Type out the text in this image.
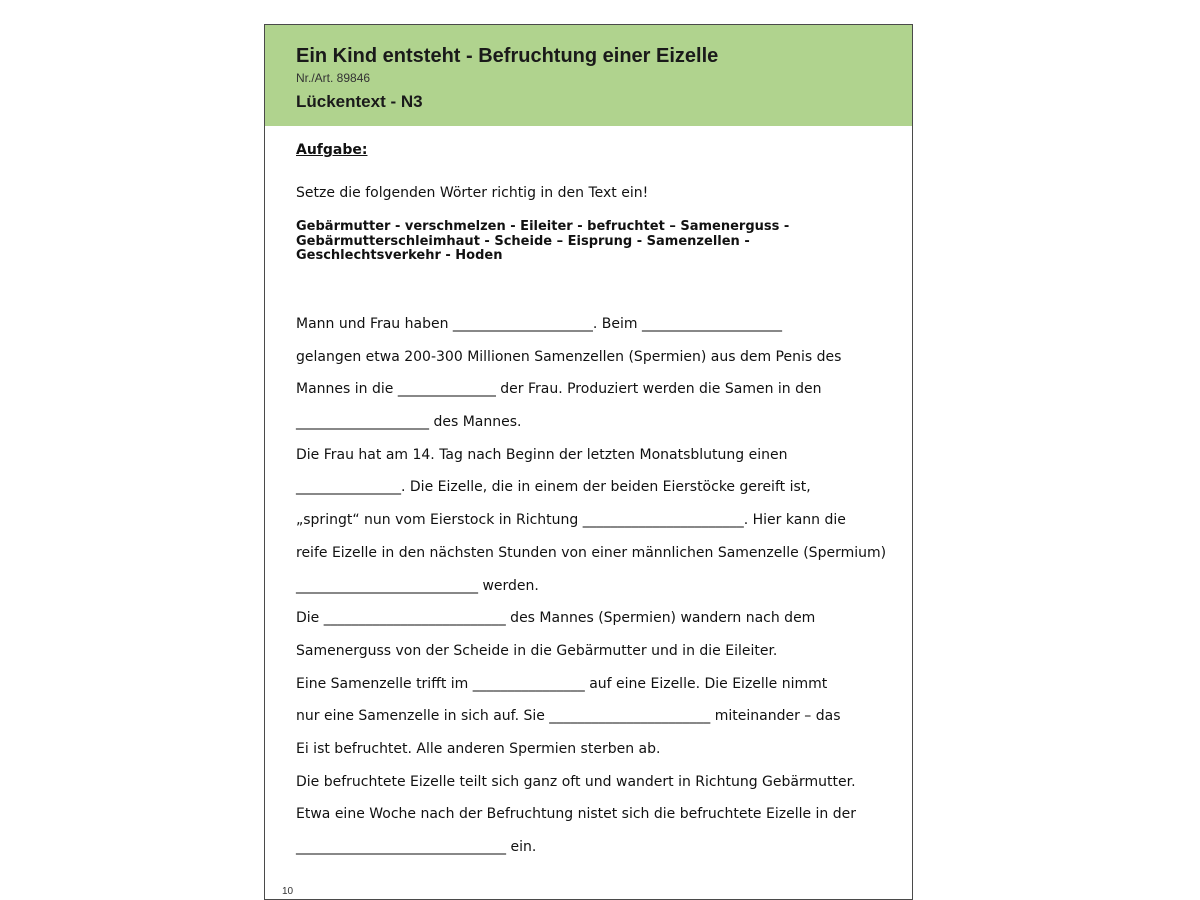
Ein Kind entsteht - Befruchtung einer Eizelle
Nr./Art. 89846
Lückentext - N3
Aufgabe:
Setze die folgenden Wörter richtig in den Text ein!
Gebärmutter - verschmelzen - Eileiter - befruchtet – Samenerguss -
Gebärmutterschleimhaut - Scheide – Eisprung - Samenzellen -
Geschlechtsverkehr - Hoden
Mann und Frau haben ____________________. Beim ____________________
gelangen etwa 200-300 Millionen Samenzellen (Spermien) aus dem Penis des
Mannes in die ______________ der Frau. Produziert werden die Samen in den
___________________ des Mannes.
Die Frau hat am 14. Tag nach Beginn der letzten Monatsblutung einen
_______________. Die Eizelle, die in einem der beiden Eierstöcke gereift ist,
„springt“ nun vom Eierstock in Richtung _______________________. Hier kann die
reife Eizelle in den nächsten Stunden von einer männlichen Samenzelle (Spermium)
__________________________ werden.
Die __________________________ des Mannes (Spermien) wandern nach dem
Samenerguss von der Scheide in die Gebärmutter und in die Eileiter.
Eine Samenzelle trifft im ________________ auf eine Eizelle. Die Eizelle nimmt
nur eine Samenzelle in sich auf. Sie _______________________ miteinander – das
Ei ist befruchtet. Alle anderen Spermien sterben ab.
Die befruchtete Eizelle teilt sich ganz oft und wandert in Richtung Gebärmutter.
Etwa eine Woche nach der Befruchtung nistet sich die befruchtete Eizelle in der
______________________________ ein.
10
